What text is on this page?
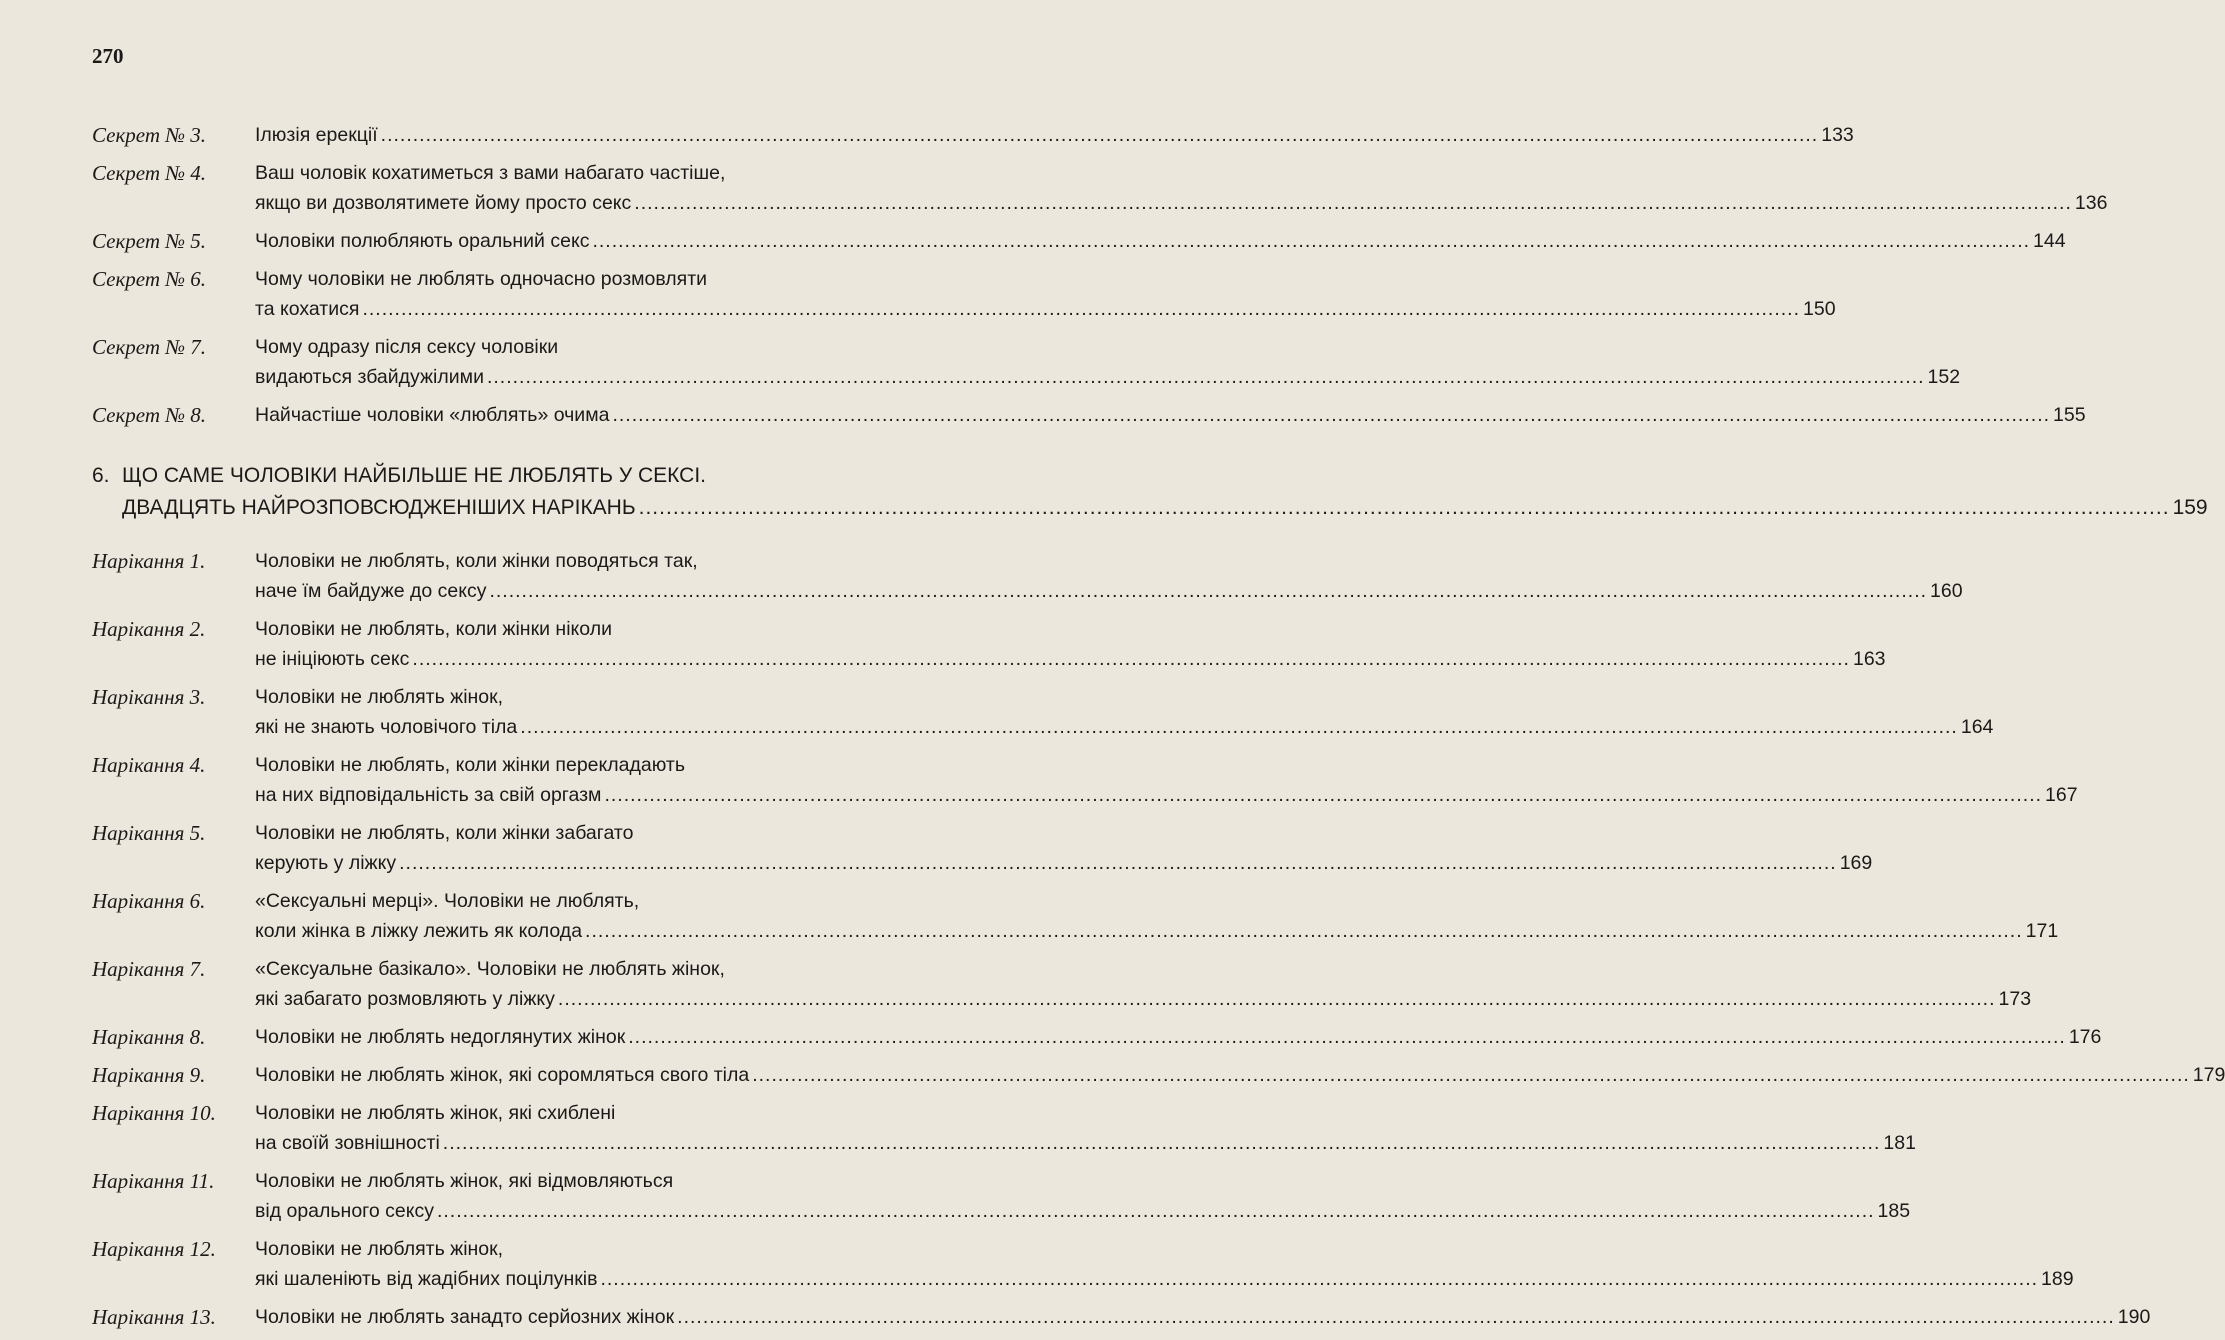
270
Секрет № 3.	Ілюзія ерекції .....	133
Секрет № 4.	Ваш чоловік кохатиметься з вами набагато частіше,
якщо ви дозволятимете йому просто секс .....	136
Секрет № 5.	Чоловіки полюбляють оральний секс .....	144
Секрет № 6.	Чому чоловіки не люблять одночасно розмовляти
та кохатися .....	150
Секрет № 7.	Чому одразу після сексу чоловіки
видаються збайдужілими .....	152
Секрет № 8.	Найчастіше чоловіки «люблять» очима .....	155
6. ЩО САМЕ ЧОЛОВІКИ НАЙБІЛЬШЕ НЕ ЛЮБЛЯТЬ У СЕКСІ.
ДВАДЦЯТЬ НАЙРОЗПОВСЮДЖЕНІШИХ НАРІКАНЬ .....	159
Нарікання 1.	Чоловіки не люблять, коли жінки поводяться так,
наче їм байдуже до сексу .....	160
Нарікання 2.	Чоловіки не люблять, коли жінки ніколи
не ініціюють секс .....	163
Нарікання 3.	Чоловіки не люблять жінок,
які не знають чоловічого тіла .....	164
Нарікання 4.	Чоловіки не люблять, коли жінки перекладають
на них відповідальність за свій оргазм .....	167
Нарікання 5.	Чоловіки не люблять, коли жінки забагато
керують у ліжку .....	169
Нарікання 6.	«Сексуальні мерці». Чоловіки не люблять,
коли жінка в ліжку лежить як колода .....	171
Нарікання 7.	«Сексуальне базікало». Чоловіки не люблять жінок,
які забагато розмовляють у ліжку .....	173
Нарікання 8.	Чоловіки не люблять недоглянутих жінок .....	176
Нарікання 9.	Чоловіки не люблять жінок, які соромляться свого тіла .....	179
Нарікання 10.	Чоловіки не люблять жінок, які схиблені
на своїй зовнішності .....	181
Нарікання 11.	Чоловіки не люблять жінок, які відмовляються
від орального сексу .....	185
Нарікання 12.	Чоловіки не люблять жінок,
які шаленіють від жадібних поцілунків .....	189
Нарікання 13.	Чоловіки не люблять занадто серйозних жінок .....	190
